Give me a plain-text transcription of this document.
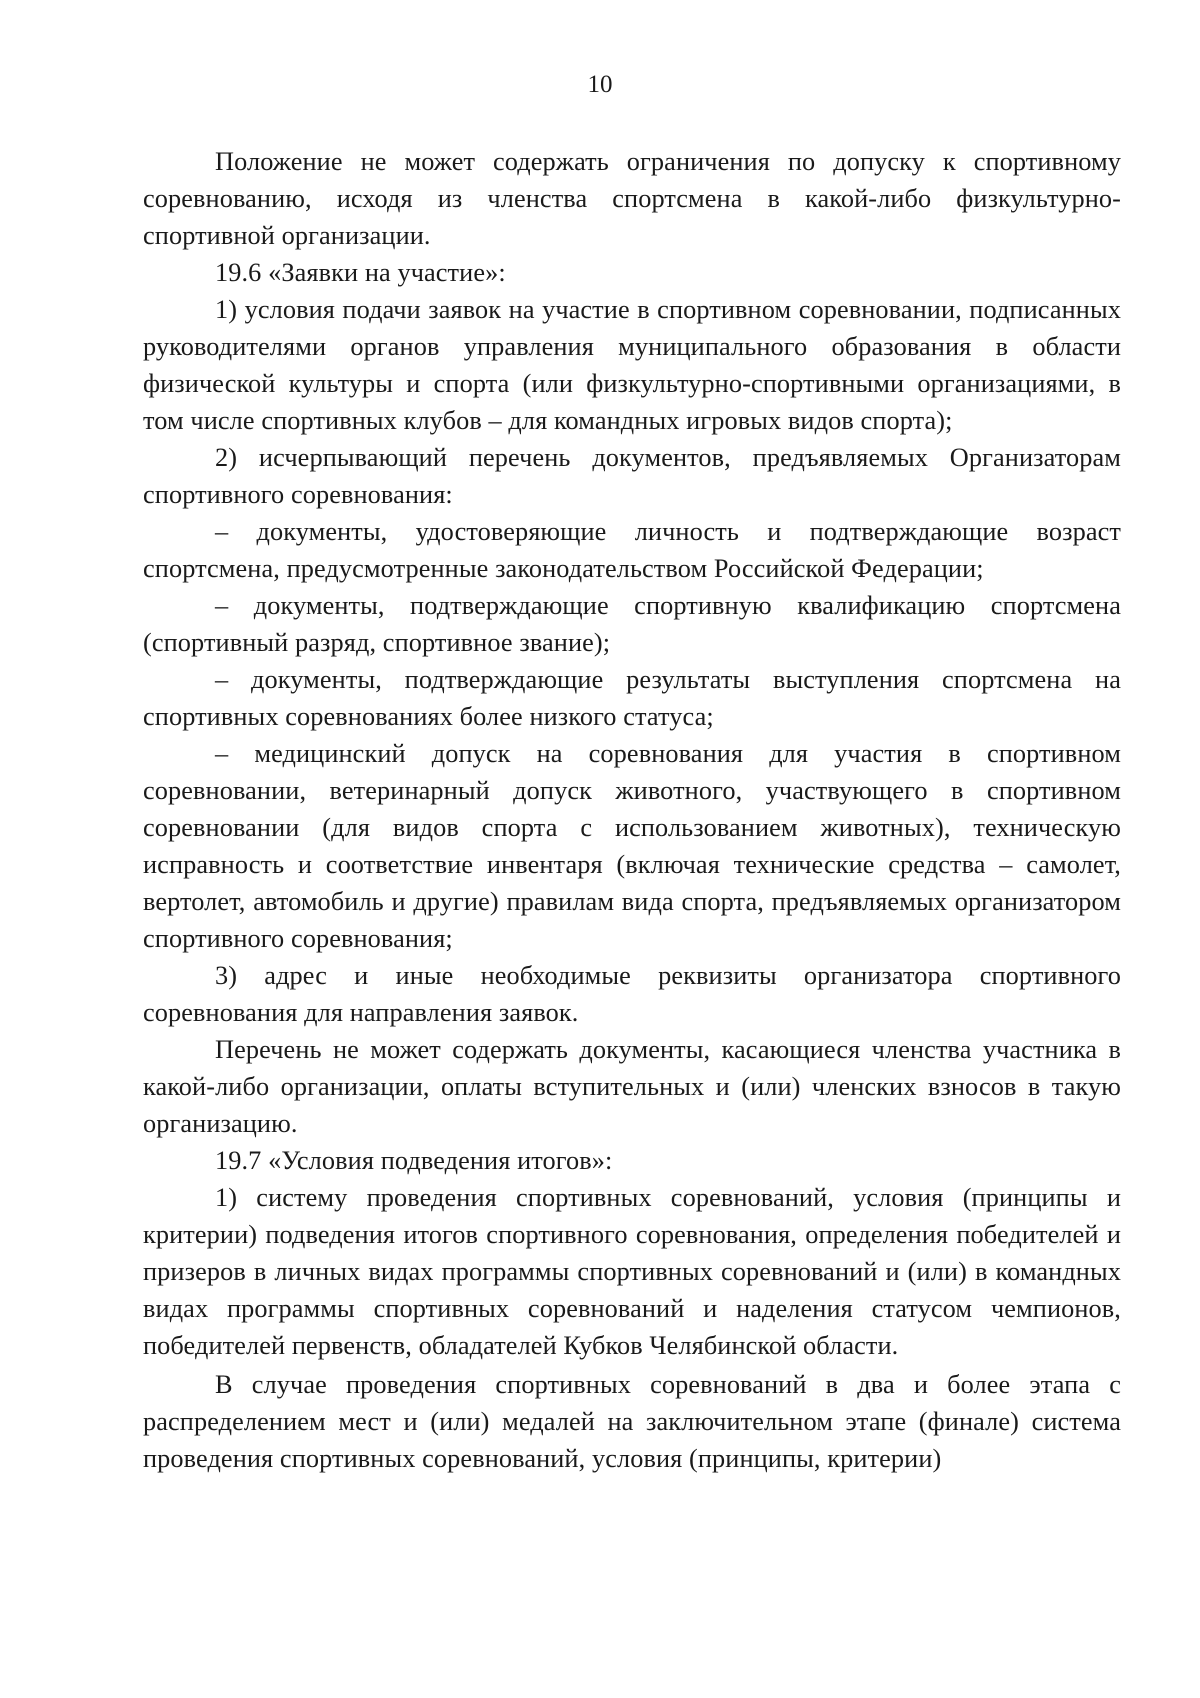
10

Положение не может содержать ограничения по допуску к спортивному соревнованию, исходя из членства спортсмена в какой-либо физкультурно-спортивной организации.

19.6 «Заявки на участие»:

1) условия подачи заявок на участие в спортивном соревновании, подписанных руководителями органов управления муниципального образования в области физической культуры и спорта (или физкультурно-спортивными организациями, в том числе спортивных клубов – для командных игровых видов спорта);

2) исчерпывающий перечень документов, предъявляемых Организаторам спортивного соревнования:

– документы, удостоверяющие личность и подтверждающие возраст спортсмена, предусмотренные законодательством Российской Федерации;

– документы, подтверждающие спортивную квалификацию спортсмена (спортивный разряд, спортивное звание);

– документы, подтверждающие результаты выступления спортсмена на спортивных соревнованиях более низкого статуса;

– медицинский допуск на соревнования для участия в спортивном соревновании, ветеринарный допуск животного, участвующего в спортивном соревновании (для видов спорта с использованием животных), техническую исправность и соответствие инвентаря (включая технические средства – самолет, вертолет, автомобиль и другие) правилам вида спорта, предъявляемых организатором спортивного соревнования;

3) адрес и иные необходимые реквизиты организатора спортивного соревнования для направления заявок.

Перечень не может содержать документы, касающиеся членства участника в какой-либо организации, оплаты вступительных и (или) членских взносов в такую организацию.

19.7 «Условия подведения итогов»:

1) систему проведения спортивных соревнований, условия (принципы и критерии) подведения итогов спортивного соревнования, определения победителей и призеров в личных видах программы спортивных соревнований и (или) в командных видах программы спортивных соревнований и наделения статусом чемпионов, победителей первенств, обладателей Кубков Челябинской области.

В случае проведения спортивных соревнований в два и более этапа с распределением мест и (или) медалей на заключительном этапе (финале) система проведения спортивных соревнований, условия (принципы, критерии)
